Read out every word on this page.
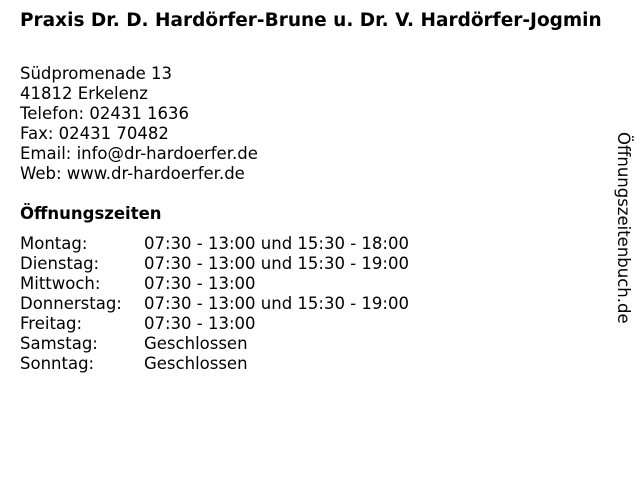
Praxis Dr. D. Hardörfer-Brune u. Dr. V. Hardörfer-Jogmin
Südpromenade 13
41812 Erkelenz
Telefon: 02431 1636
Fax: 02431 70482
Email: info@dr-hardoerfer.de
Web: www.dr-hardoerfer.de
Öffnungszeiten
Montag:	07:30 - 13:00 und 15:30 - 18:00
Dienstag:	07:30 - 13:00 und 15:30 - 19:00
Mittwoch:	07:30 - 13:00
Donnerstag:	07:30 - 13:00 und 15:30 - 19:00
Freitag:	07:30 - 13:00
Samstag:	Geschlossen
Sonntag:	Geschlossen
Öffnungszeitenbuch.de
